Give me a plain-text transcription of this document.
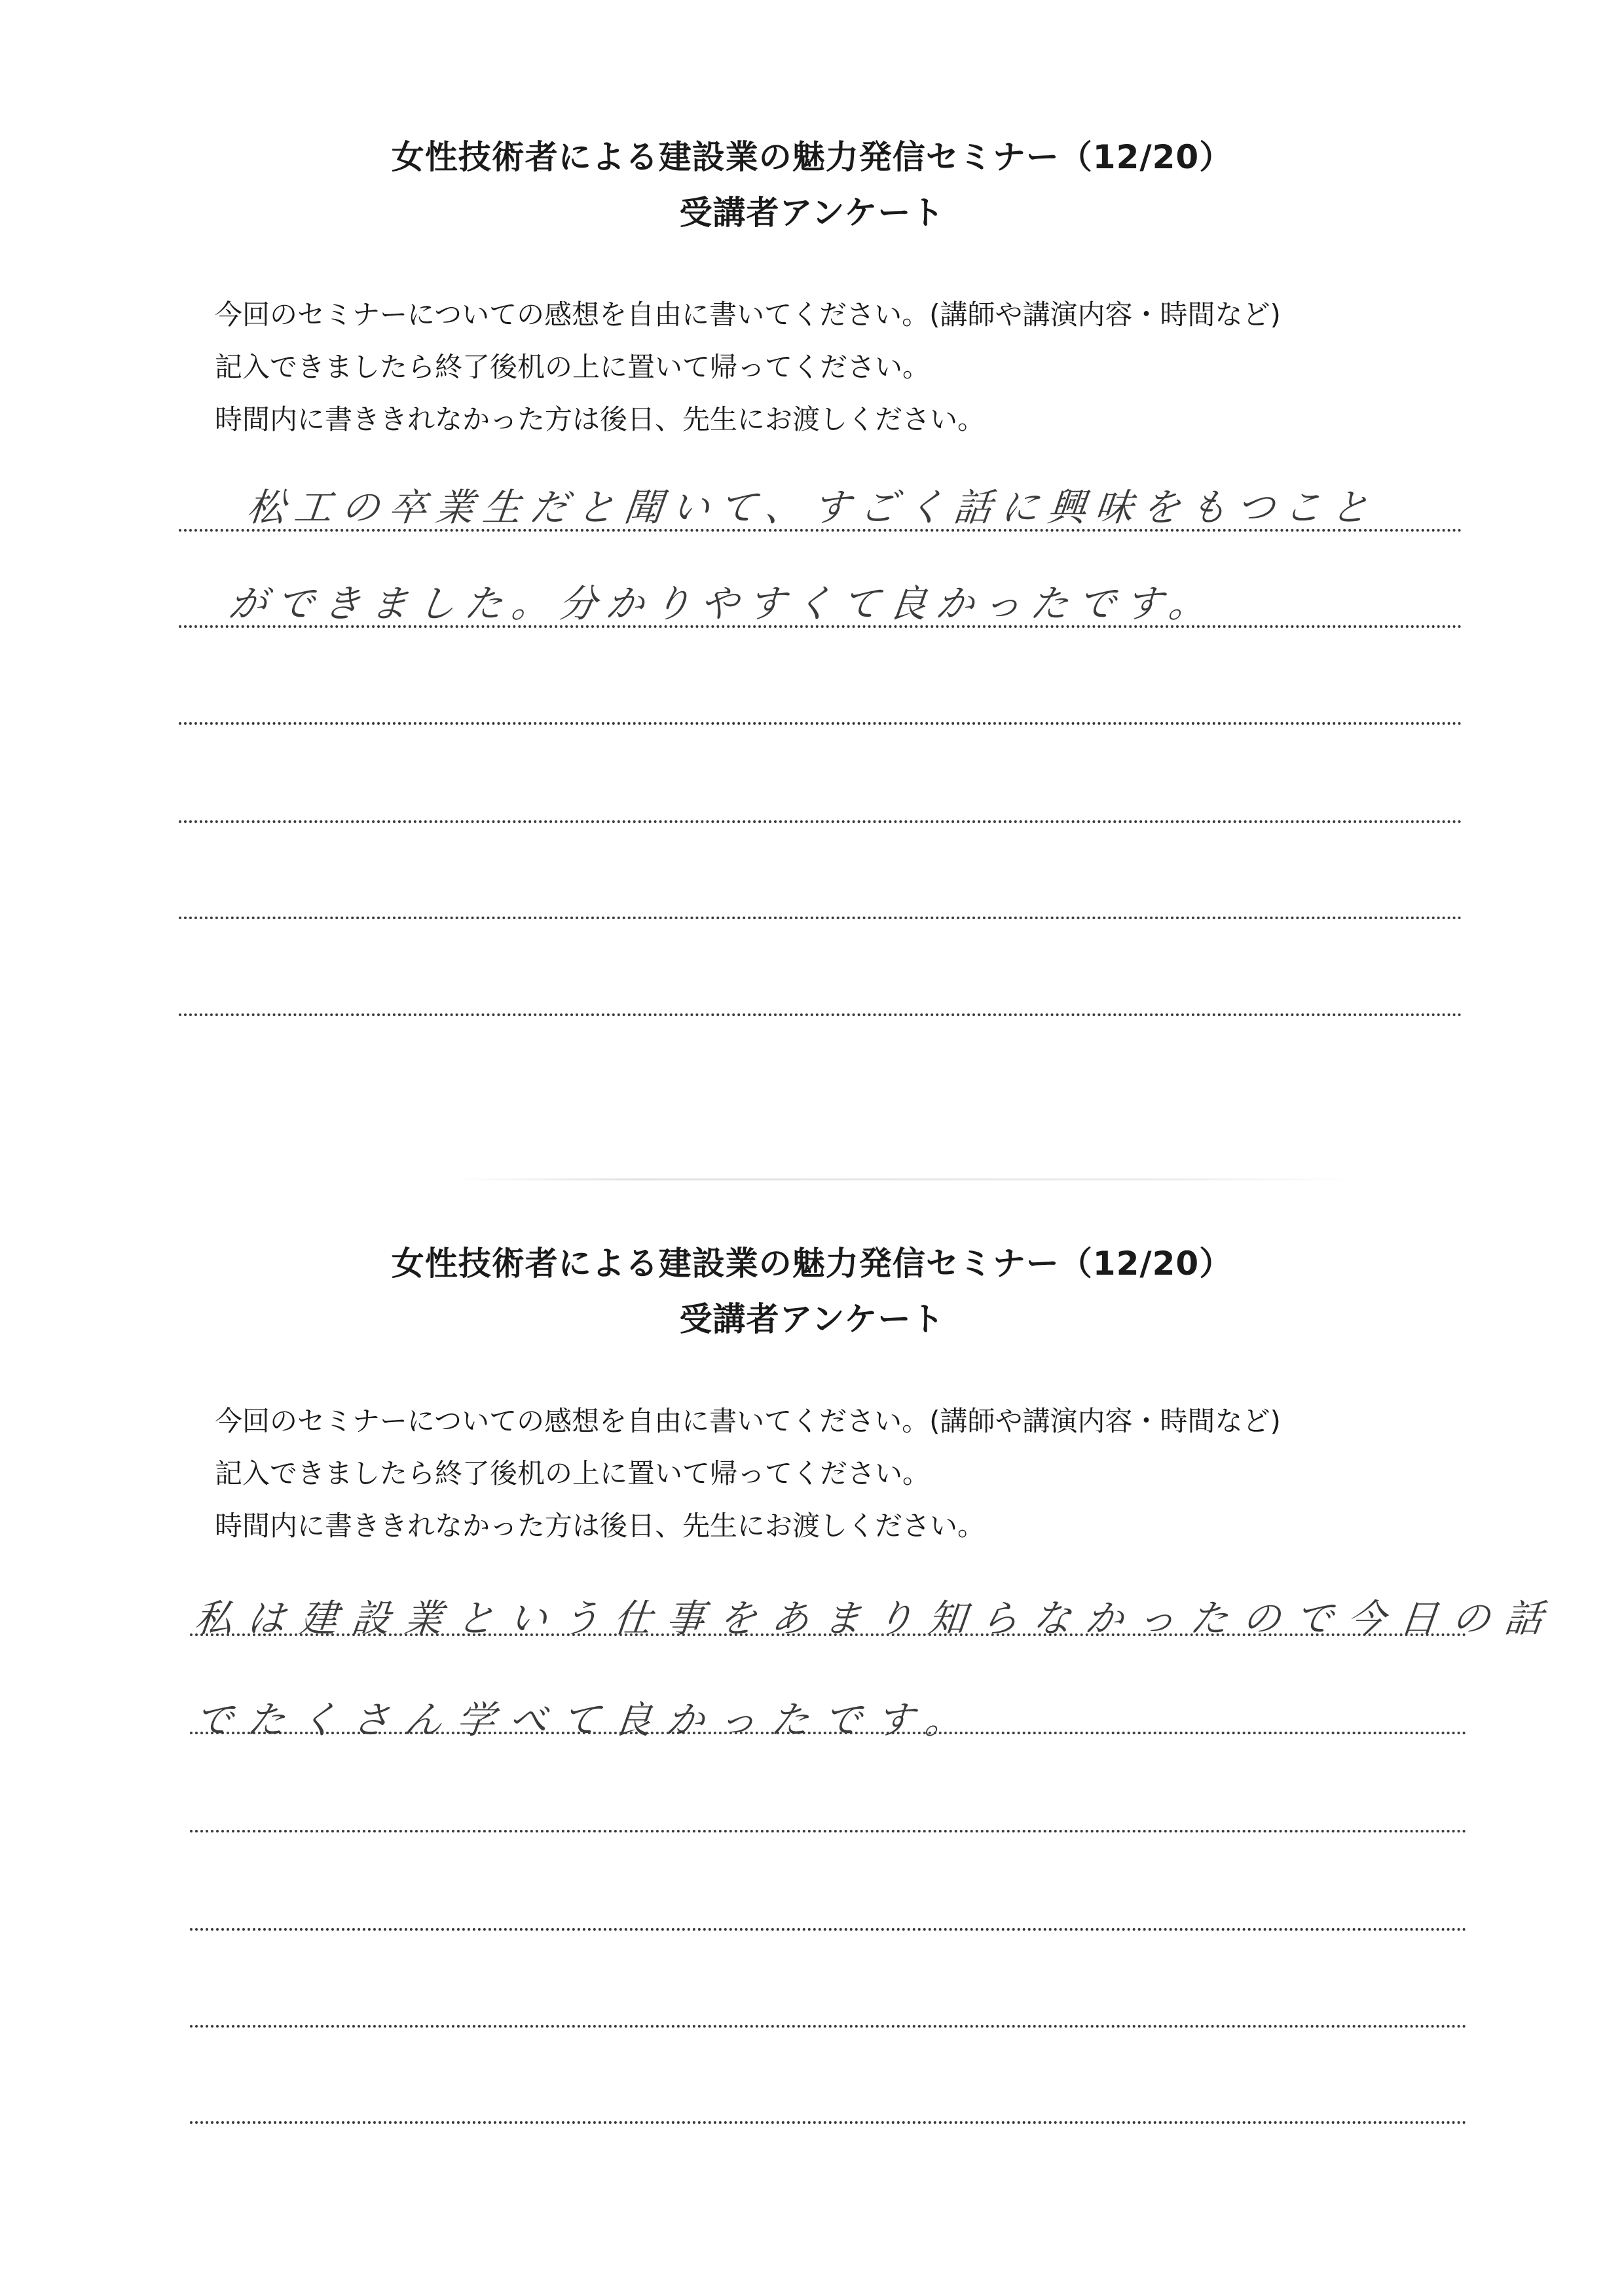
女性技術者による建設業の魅力発信セミナー（12/20）
受講者アンケート

今回のセミナーについての感想を自由に書いてください。(講師や講演内容・時間など)

記入できましたら終了後机の上に置いて帰ってください。

時間内に書ききれなかった方は後日、先生にお渡しください。

松工の卒業生だと聞いて、すごく話に興味をもつこと
ができました。分かりやすくて良かったです。
女性技術者による建設業の魅力発信セミナー（12/20）
受講者アンケート

今回のセミナーについての感想を自由に書いてください。(講師や講演内容・時間など)

記入できましたら終了後机の上に置いて帰ってください。

時間内に書ききれなかった方は後日、先生にお渡しください。

私は建設業という仕事をあまり知らなかったので今日の話
でたくさん学べて良かったです。
